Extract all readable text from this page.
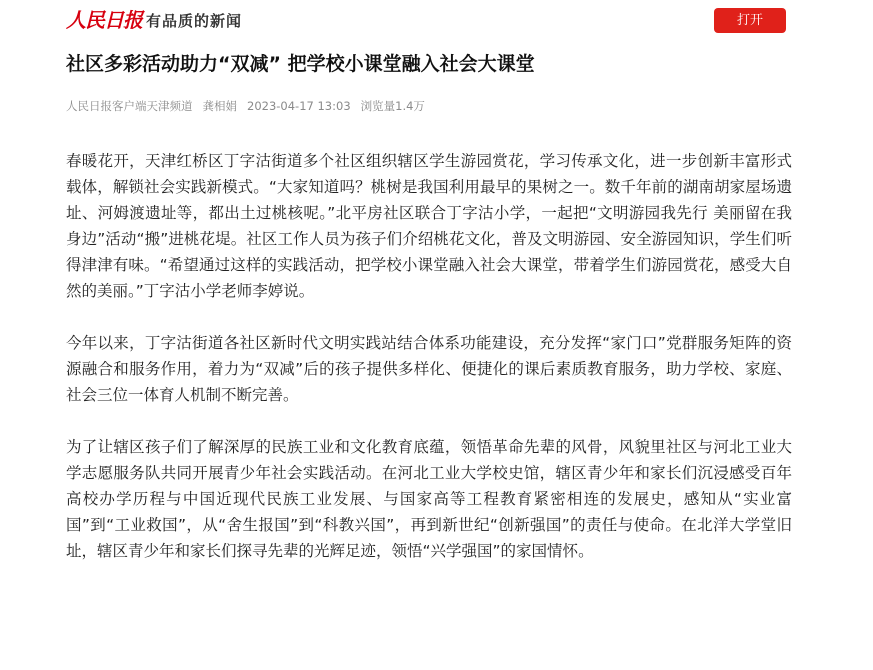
人民日报 有品质的新闻	打开
社区多彩活动助力“双减” 把学校小课堂融入社会大课堂
人民日报客户端天津频道 龚相娟 2023-04-17 13:03 浏览量1.4万

春暖花开，天津红桥区丁字沽街道多个社区组织辖区学生游园赏花，学习传承文化，进一步创新丰富形式载体，解锁社会实践新模式。“大家知道吗？桃树是我国利用最早的果树之一。数千年前的湖南胡家屋场遗址、河姆渡遗址等，都出土过桃核呢。”北平房社区联合丁字沽小学，一起把“文明游园我先行 美丽留在我身边”活动“搬”进桃花堤。社区工作人员为孩子们介绍桃花文化，普及文明游园、安全游园知识，学生们听得津津有味。“希望通过这样的实践活动，把学校小课堂融入社会大课堂，带着学生们游园赏花，感受大自然的美丽。”丁字沽小学老师李婷说。

今年以来，丁字沽街道各社区新时代文明实践站结合体系功能建设，充分发挥“家门口”党群服务矩阵的资源融合和服务作用，着力为“双减”后的孩子提供多样化、便捷化的课后素质教育服务，助力学校、家庭、社会三位一体育人机制不断完善。

为了让辖区孩子们了解深厚的民族工业和文化教育底蕴，领悟革命先辈的风骨，风貌里社区与河北工业大学志愿服务队共同开展青少年社会实践活动。在河北工业大学校史馆，辖区青少年和家长们沉浸感受百年高校办学历程与中国近现代民族工业发展、与国家高等工程教育紧密相连的发展史，感知从“实业富国”到“工业救国”，从“舍生报国”到“科教兴国”，再到新世纪“创新强国”的责任与使命。在北洋大学堂旧址，辖区青少年和家长们探寻先辈的光辉足迹，领悟“兴学强国”的家国情怀。
